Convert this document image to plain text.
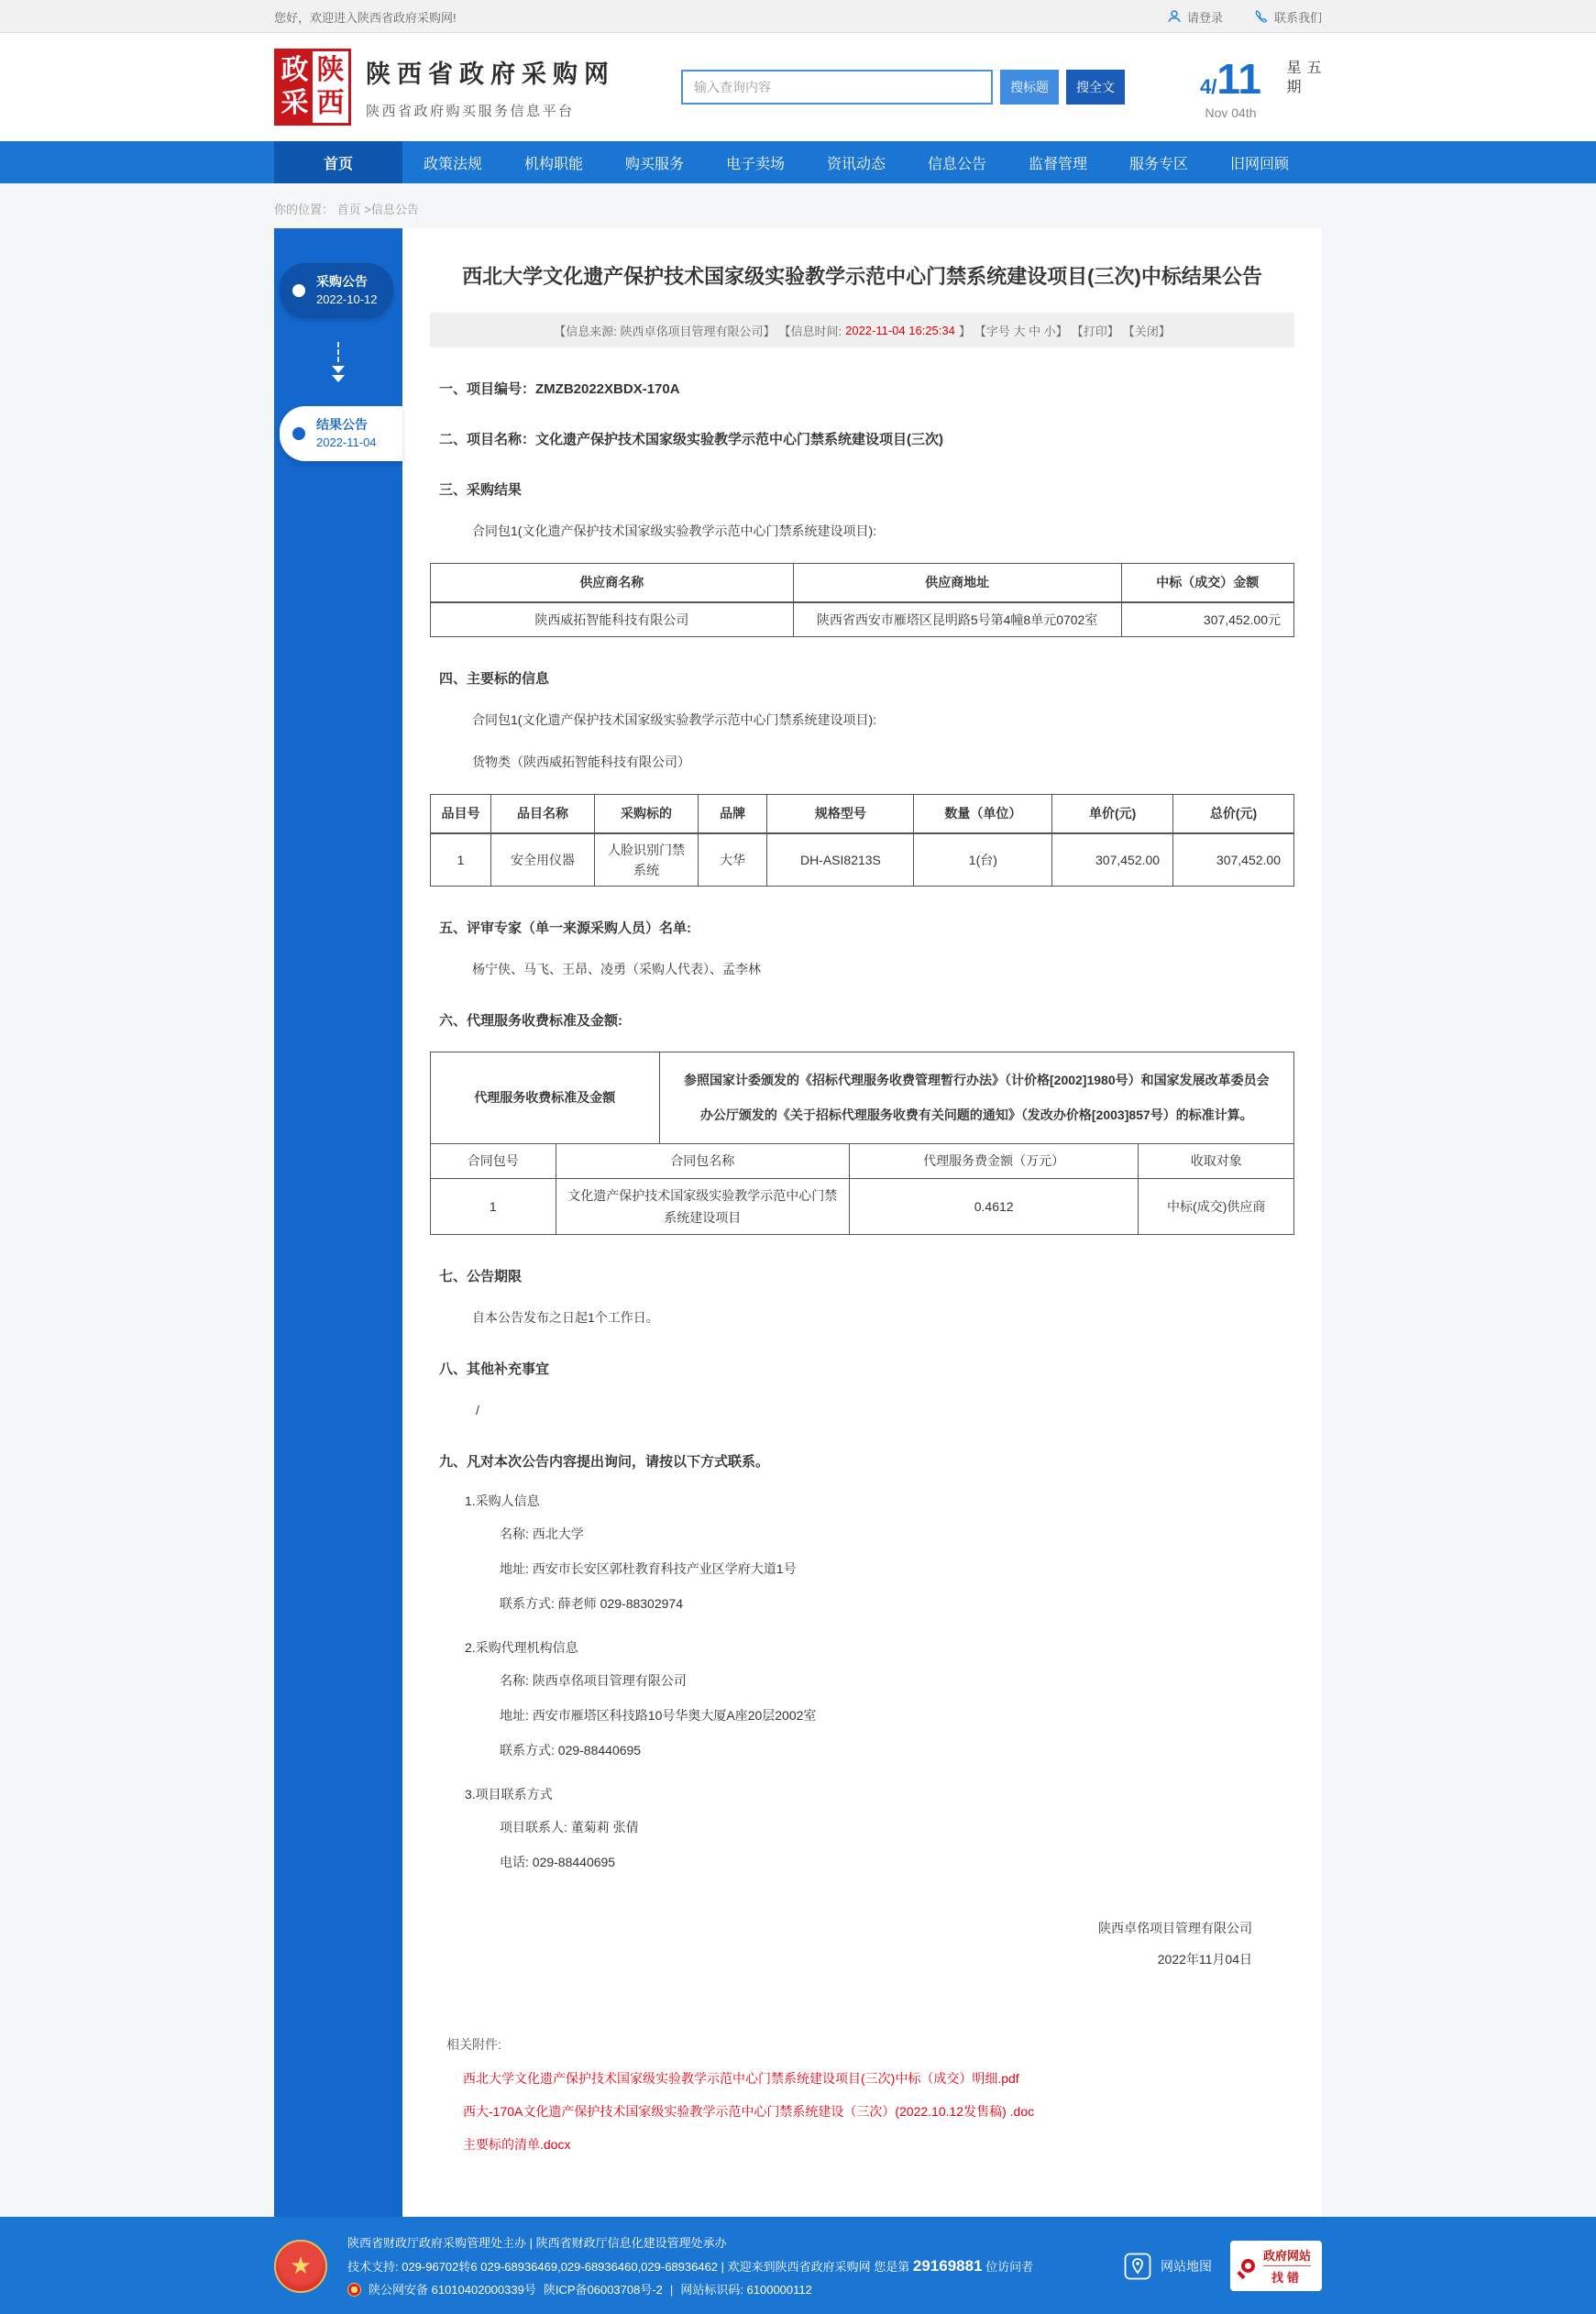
您好，欢迎进入陕西省政府采购网!	请登录	联系我们
政
采
陕
西
陕西省政府采购网
陕西省政府购买服务信息平台
输入查询内容
搜标题	搜全文	4/11
Nov 04th
星期五
首页	政策法规	机构职能	购买服务	电子卖场	资讯动态	信息公告	监督管理	服务专区	旧网回顾
你的位置： 首页 >信息公告
采购公告
2022-10-12
结果公告
2022-11-04
西北大学文化遗产保护技术国家级实验教学示范中心门禁系统建设项目(三次)中标结果公告
【信息来源: 陕西卓佲项目管理有限公司】 【信息时间: 2022-11-04 16:25:34 】 【字号 大 中 小】 【打印】 【关闭】
一、项目编号：ZMZB2022XBDX-170A
二、项目名称：文化遗产保护技术国家级实验教学示范中心门禁系统建设项目(三次)
三、采购结果
合同包1(文化遗产保护技术国家级实验教学示范中心门禁系统建设项目):
供应商名称	供应商地址	中标（成交）金额
陕西威拓智能科技有限公司	陕西省西安市雁塔区昆明路5号第4幢8单元0702室	307,452.00元
四、主要标的信息
合同包1(文化遗产保护技术国家级实验教学示范中心门禁系统建设项目):
货物类（陕西威拓智能科技有限公司）
品目号	品目名称	采购标的	品牌	规格型号	数量（单位）	单价(元)	总价(元)
1	安全用仪器	人脸识别门禁系统	大华	DH-ASI8213S	1(台)	307,452.00	307,452.00
五、评审专家（单一来源采购人员）名单:
杨宁侠、马飞、王昂、凌勇（采购人代表）、孟李林
六、代理服务收费标准及金额:
代理服务收费标准及金额	参照国家计委颁发的《招标代理服务收费管理暂行办法》（计价格[2002]1980号）和国家发展改革委员会办公厅颁发的《关于招标代理服务收费有关问题的通知》（发改办价格[2003]857号）的标准计算。
合同包号	合同包名称	代理服务费金额（万元）	收取对象
1	文化遗产保护技术国家级实验教学示范中心门禁系统建设项目	0.4612	中标(成交)供应商
七、公告期限
自本公告发布之日起1个工作日。
八、其他补充事宜
/
九、凡对本次公告内容提出询问，请按以下方式联系。
1.采购人信息
名称: 西北大学
地址: 西安市长安区郭杜教育科技产业区学府大道1号
联系方式: 薛老师 029-88302974
2.采购代理机构信息
名称: 陕西卓佲项目管理有限公司
地址: 西安市雁塔区科技路10号华奥大厦A座20层2002室
联系方式: 029-88440695
3.项目联系方式
项目联系人: 董菊莉 张倩
电话: 029-88440695
陕西卓佲项目管理有限公司
2022年11月04日
相关附件:
西北大学文化遗产保护技术国家级实验教学示范中心门禁系统建设项目(三次)中标（成交）明细.pdf
西大-170A文化遗产保护技术国家级实验教学示范中心门禁系统建设（三次）(2022.10.12发售稿) .doc
主要标的清单.docx
★
陕西省财政厅政府采购管理处主办 | 陕西省财政厅信息化建设管理处承办
技术支持: 029-96702转6 029-68936469,029-68936460,029-68936462 | 欢迎来到陕西省政府采购网 您是第 29169881 位访问者
陕公网安备 61010402000339号 陕ICP备06003708号-2 | 网站标识码: 6100000112
网站地图
政府网站
找错
